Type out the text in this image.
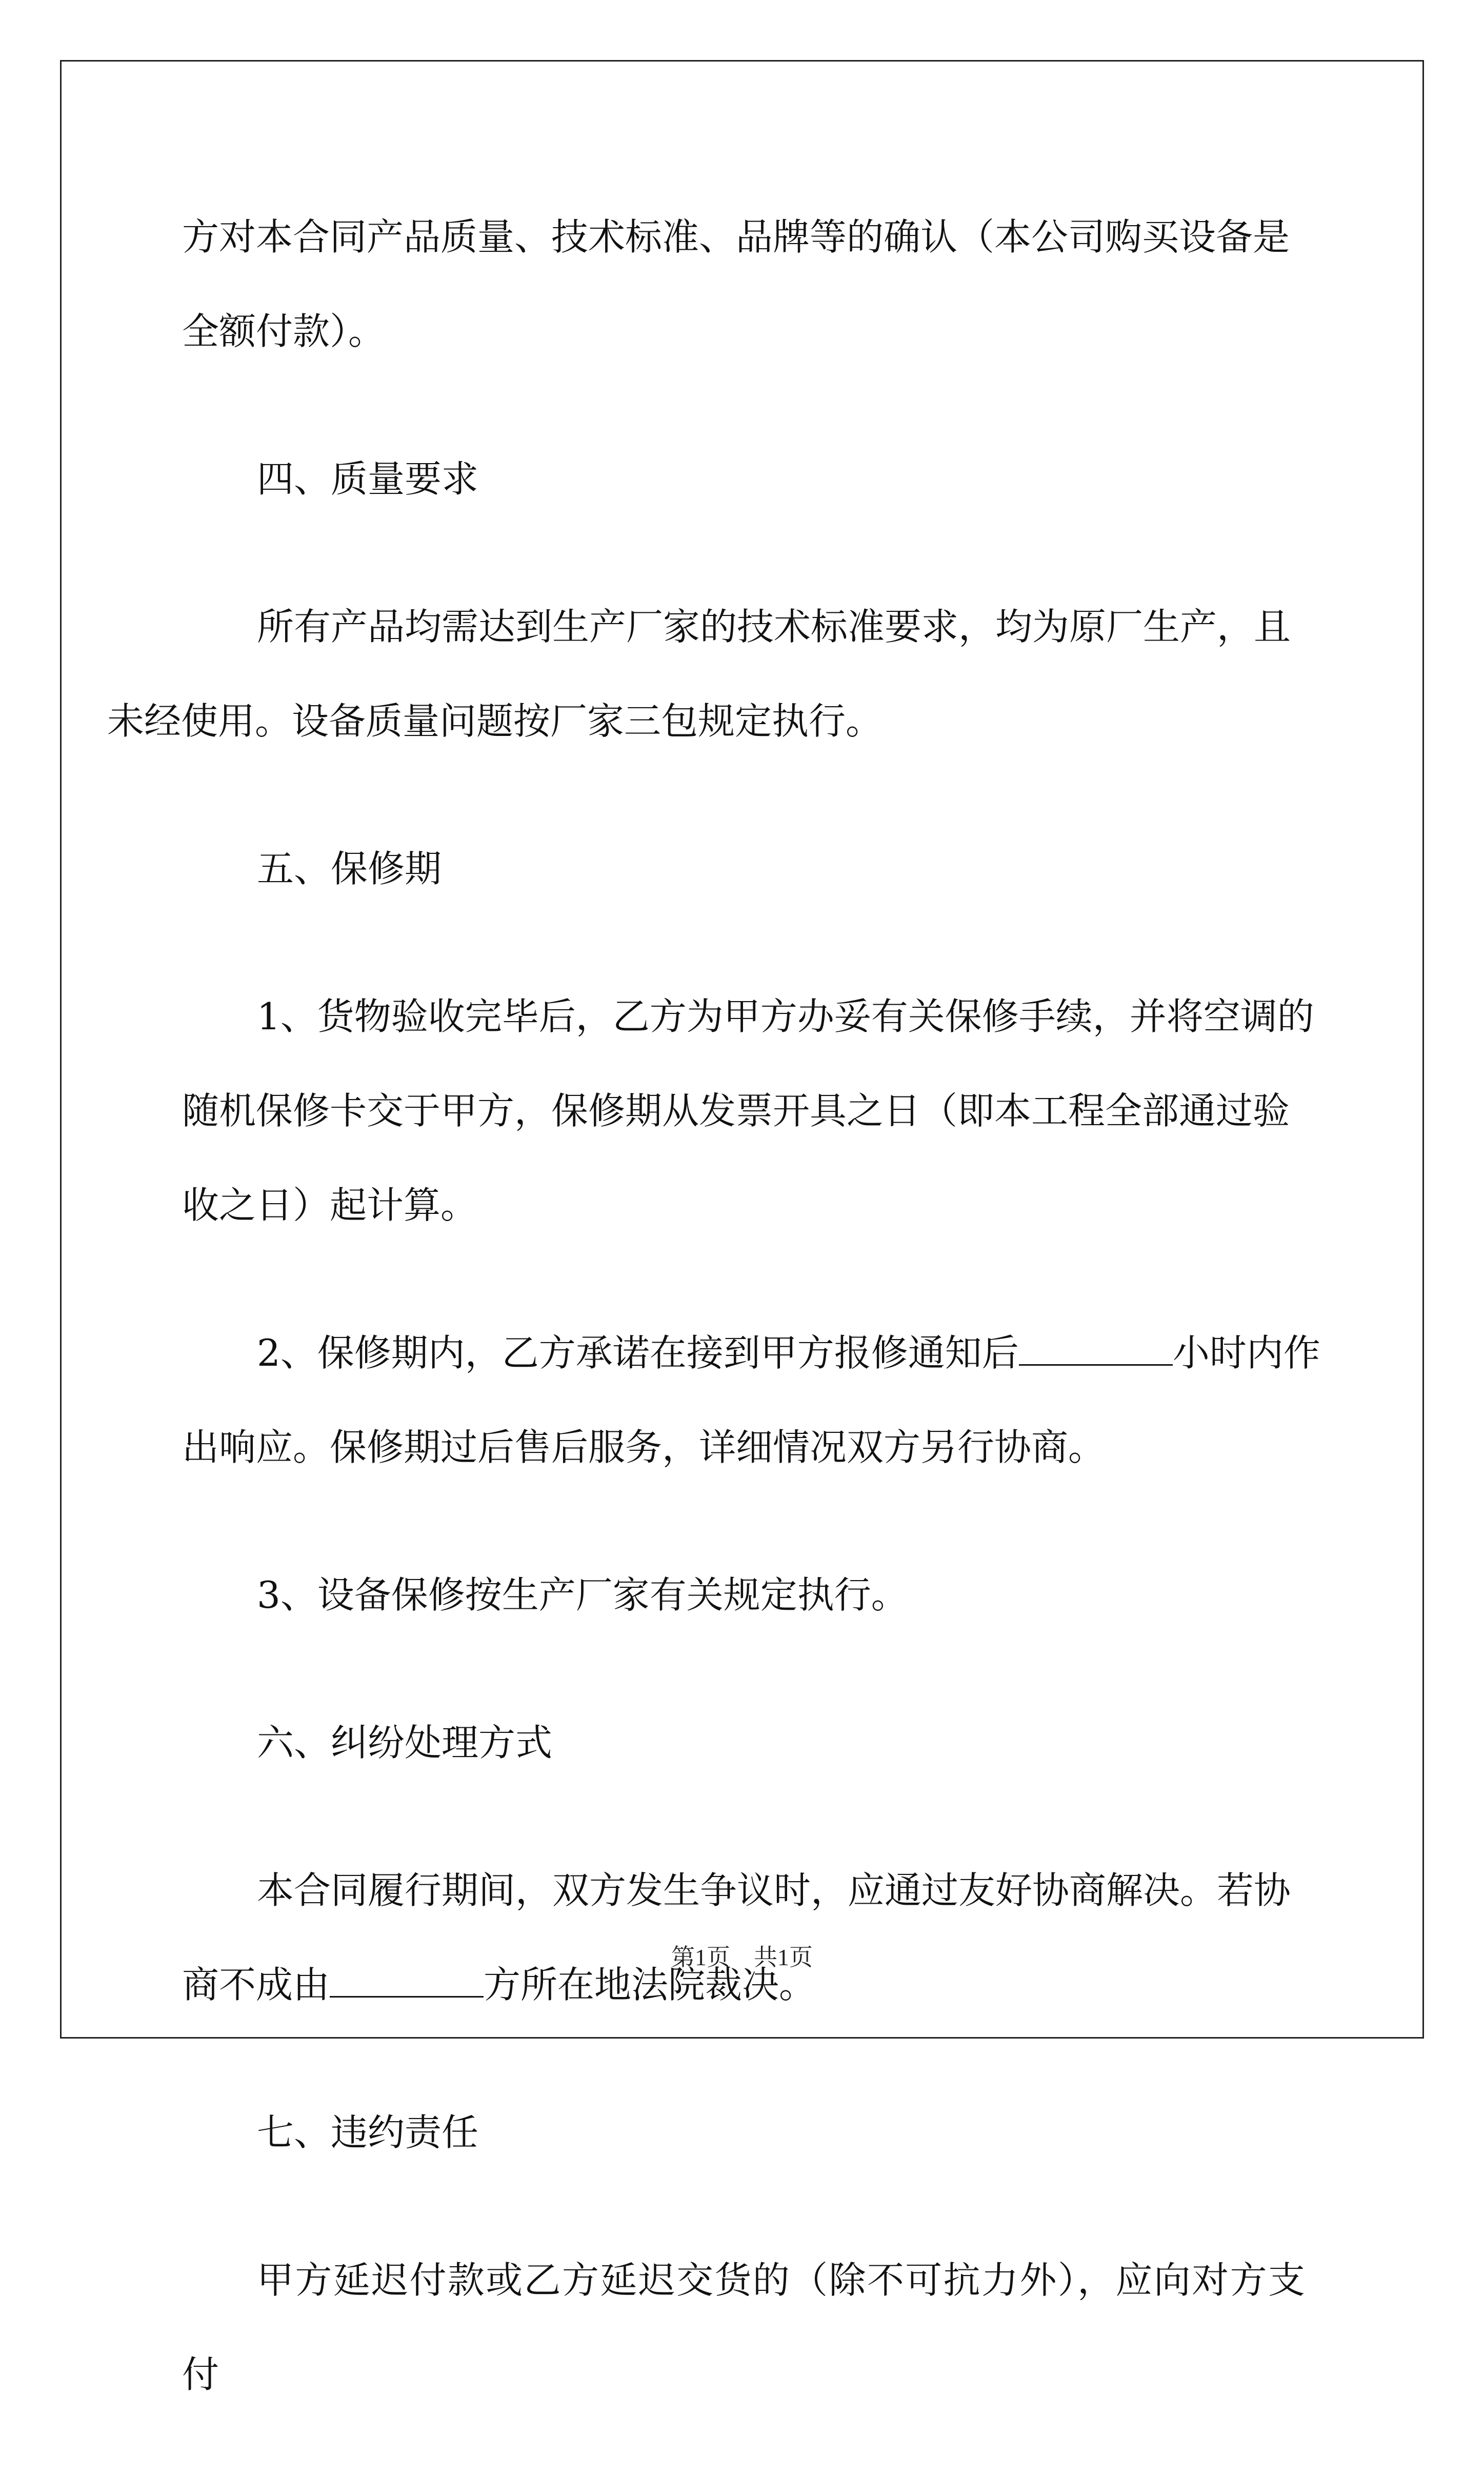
方对本合同产品质量、技术标准、品牌等的确认（本公司购买设备是
全额付款）。

四、质量要求

所有产品均需达到生产厂家的技术标准要求，均为原厂生产，且
未经使用。设备质量问题按厂家三包规定执行。

五、保修期

1、货物验收完毕后，乙方为甲方办妥有关保修手续，并将空调的
随机保修卡交于甲方，保修期从发票开具之日（即本工程全部通过验
收之日）起计算。

2、保修期内，乙方承诺在接到甲方报修通知后	小时内作
出响应。保修期过后售后服务，详细情况双方另行协商。

3、设备保修按生产厂家有关规定执行。

六、纠纷处理方式

本合同履行期间，双方发生争议时，应通过友好协商解决。若协
商不成由	方所在地法院裁决。

七、违约责任

甲方延迟付款或乙方延迟交货的（除不可抗力外），应向对方支付

第1页　共1页
